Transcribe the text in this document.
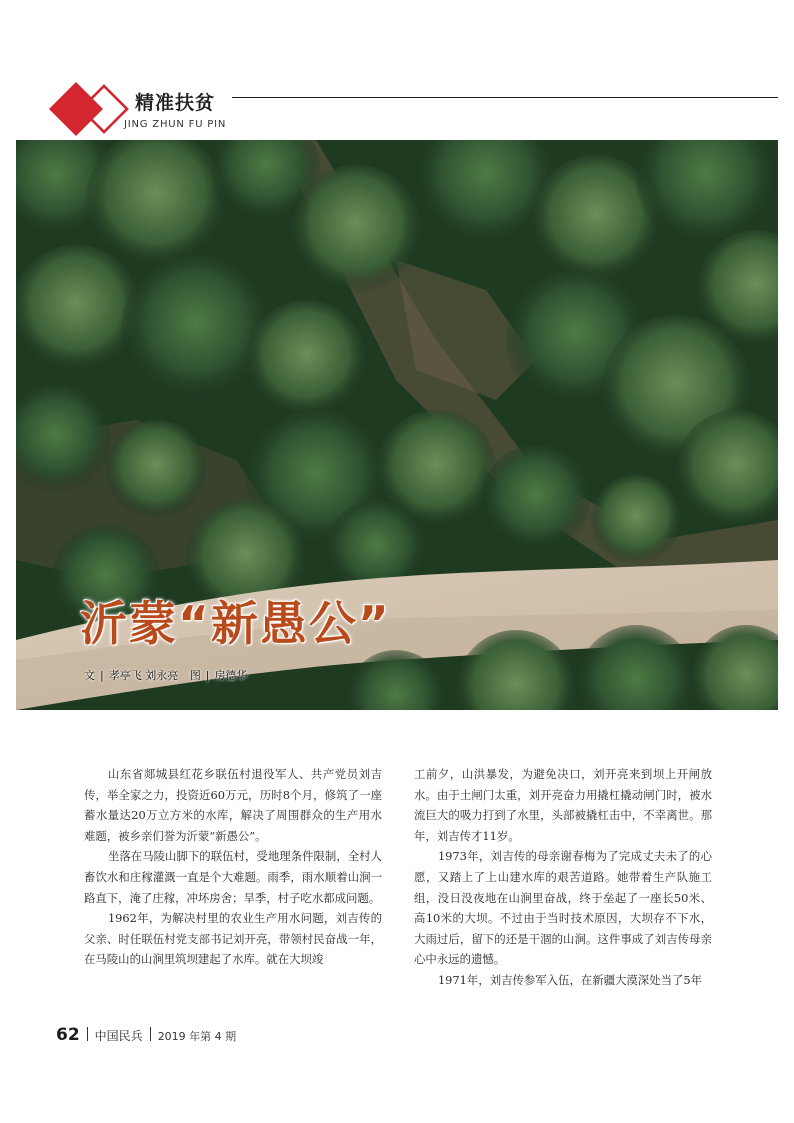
精准扶贫
JING ZHUN FU PIN
沂蒙“新愚公”
文 | 孝亭飞 刘永亮 图 | 房德华

山东省郯城县红花乡联伍村退役军人、共产党员刘吉传，举全家之力，投资近60万元，历时8个月，修筑了一座蓄水量达20万立方米的水库，解决了周围群众的生产用水难题，被乡亲们誉为沂蒙“新愚公”。

坐落在马陵山脚下的联伍村，受地理条件限制，全村人畜饮水和庄稼灌溉一直是个大难题。雨季，雨水顺着山涧一路直下，淹了庄稼，冲坏房舍；旱季，村子吃水都成问题。

1962年，为解决村里的农业生产用水问题，刘吉传的父亲、时任联伍村党支部书记刘开亮，带领村民奋战一年，在马陵山的山涧里筑坝建起了水库。就在大坝竣

工前夕，山洪暴发，为避免决口，刘开亮来到坝上开闸放水。由于土闸门太重，刘开亮奋力用撬杠撬动闸门时，被水流巨大的吸力打到了水里，头部被撬杠击中，不幸离世。那年，刘吉传才11岁。

1973年，刘吉传的母亲谢春梅为了完成丈夫未了的心愿，又踏上了上山建水库的艰苦道路。她带着生产队施工组，没日没夜地在山涧里奋战，终于垒起了一座长50米、高10米的大坝。不过由于当时技术原因，大坝存不下水，大雨过后，留下的还是干涸的山涧。这件事成了刘吉传母亲心中永远的遗憾。

1971年，刘吉传参军入伍，在新疆大漠深处当了5年

62 中国民兵 2019 年第 4 期
